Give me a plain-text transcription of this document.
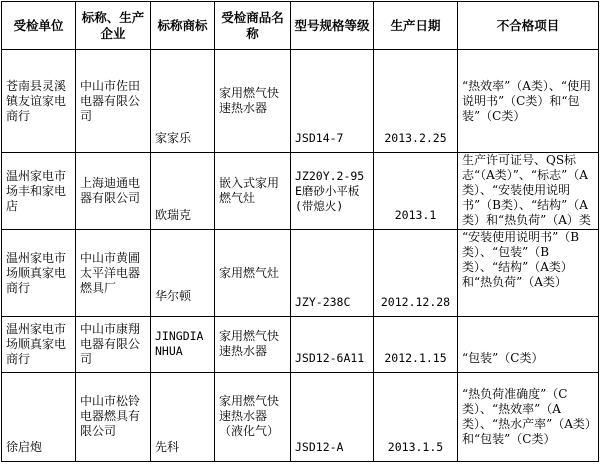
受检单位	标称、生产企业	标称商标	受检商品名称	型号规格等级	生产日期	不合格项目
苍南县灵溪镇友谊家电商行	中山市佐田电器有限公司	家家乐	家用燃气快速热水器	JSD14-7	2013.2.25	“热效率”（A类）、“使用说明书”（C类）和“包装”（C类）
温州家电市场丰和家电店	上海迪通电器有限公司	欧瑞克	嵌入式家用燃气灶	JZ20Y.2-95E磨砂小平板(带熄火)	2013.1	生产许可证号、QS标志“（A类）”、“标志”（A类）、“安装使用说明书”（B类）、“结构”（A类）和“热负荷”（A）类
温州家电市场顺真家电商行	中山市黄圃太平洋电器燃具厂	华尔顿	家用燃气灶	JZY-238C	2012.12.28	“安装使用说明书”（B类）、“包装”（B类）、“结构”（A类）和“热负荷”（A类）
温州家电市场顺真家电商行	中山市康翔电器有限公司	JINGDIANHUA	家用燃气快速热水器	JSD12-6A11	2012.1.15	“包装”（C类）
徐启炮	中山市松铃电器燃具有限公司	先科	家用燃气快速热水器（液化气）	JSD12-A	2013.1.5	“热负荷准确度”（C类）、“热效率”（A类）、“热水产率”（A类）和“包装”（C类）
